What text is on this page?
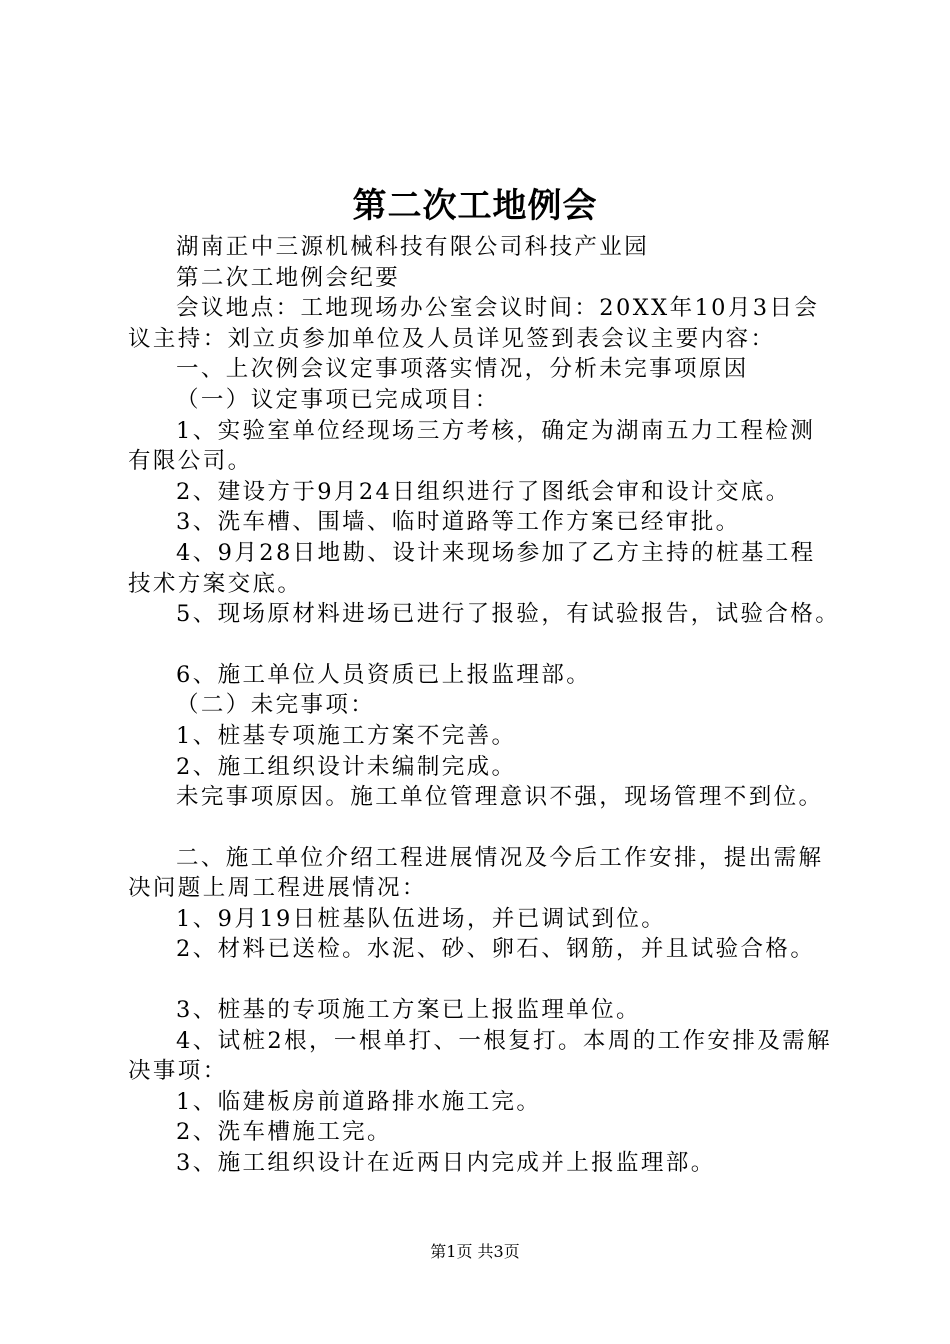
第二次工地例会

湖南正中三源机械科技有限公司科技产业园

第二次工地例会纪要

会议地点：工地现场办公室会议时间：20XX年10月3日会议主持：刘立贞参加单位及人员详见签到表会议主要内容：

一、上次例会议定事项落实情况，分析未完事项原因

（一）议定事项已完成项目：

1、实验室单位经现场三方考核，确定为湖南五力工程检测有限公司。

2、建设方于9月24日组织进行了图纸会审和设计交底。

3、洗车槽、围墙、临时道路等工作方案已经审批。

4、9月28日地勘、设计来现场参加了乙方主持的桩基工程技术方案交底。

5、现场原材料进场已进行了报验，有试验报告，试验合格。

6、施工单位人员资质已上报监理部。

（二）未完事项：

1、桩基专项施工方案不完善。

2、施工组织设计未编制完成。

未完事项原因。施工单位管理意识不强，现场管理不到位。

二、施工单位介绍工程进展情况及今后工作安排，提出需解决问题上周工程进展情况：

1、9月19日桩基队伍进场，并已调试到位。

2、材料已送检。水泥、砂、卵石、钢筋，并且试验合格。

3、桩基的专项施工方案已上报监理单位。

4、试桩2根，一根单打、一根复打。本周的工作安排及需解决事项：

1、临建板房前道路排水施工完。

2、洗车槽施工完。

3、施工组织设计在近两日内完成并上报监理部。

第1页 共3页
